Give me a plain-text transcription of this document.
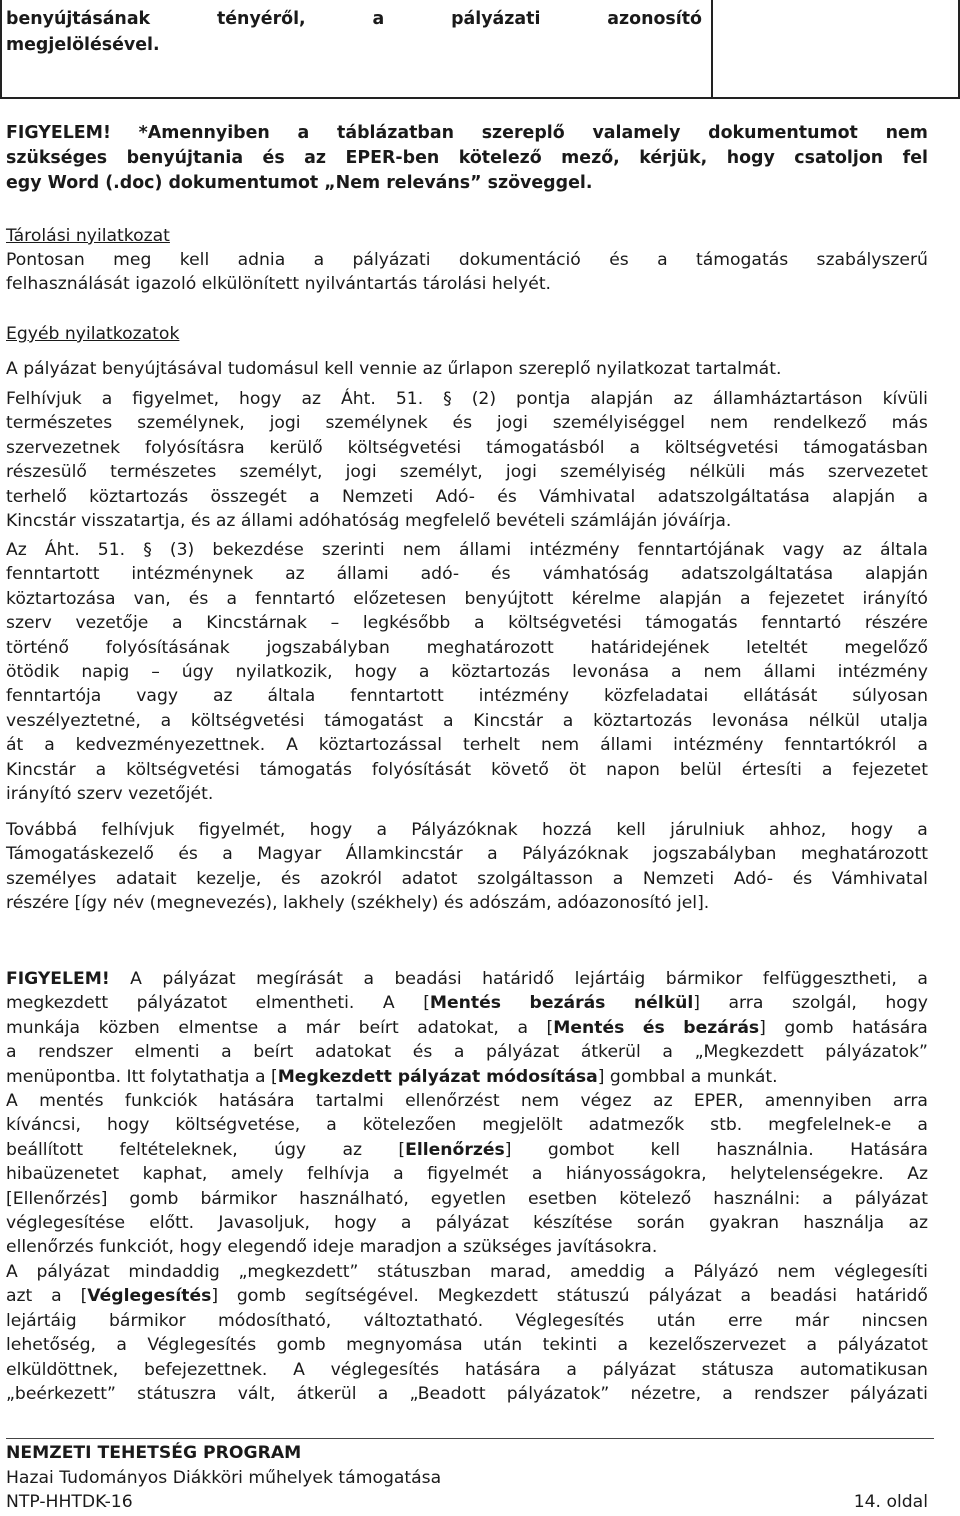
benyújtásának	tényéről,	a	pályázati	azonosító
megjelölésével.
FIGYELEM! *Amennyiben a táblázatban szereplő valamely dokumentumot nem
szükséges benyújtania és az EPER-ben kötelező mező, kérjük, hogy csatoljon fel
egy Word (.doc) dokumentumot „Nem releváns” szöveggel.
Tárolási nyilatkozat
Pontosan meg kell adnia a pályázati dokumentáció és a támogatás szabályszerű
felhasználását igazoló elkülönített nyilvántartás tárolási helyét.
Egyéb nyilatkozatok
A pályázat benyújtásával tudomásul kell vennie az űrlapon szereplő nyilatkozat tartalmát.
Felhívjuk a figyelmet, hogy az Áht. 51. § (2) pontja alapján az államháztartáson kívüli
természetes személynek, jogi személynek és jogi személyiséggel nem rendelkező más
szervezetnek folyósításra kerülő költségvetési támogatásból a költségvetési támogatásban
részesülő természetes személyt, jogi személyt, jogi személyiség nélküli más szervezetet
terhelő köztartozás összegét a Nemzeti Adó- és Vámhivatal adatszolgáltatása alapján a
Kincstár visszatartja, és az állami adóhatóság megfelelő bevételi számláján jóváírja.
Az Áht. 51. § (3) bekezdése szerinti nem állami intézmény fenntartójának vagy az általa
fenntartott intézménynek az állami adó- és vámhatóság adatszolgáltatása alapján
köztartozása van, és a fenntartó előzetesen benyújtott kérelme alapján a fejezetet irányító
szerv vezetője a Kincstárnak – legkésőbb a költségvetési támogatás fenntartó részére
történő folyósításának jogszabályban meghatározott határidejének leteltét megelőző
ötödik napig – úgy nyilatkozik, hogy a köztartozás levonása a nem állami intézmény
fenntartója vagy az általa fenntartott intézmény közfeladatai ellátását súlyosan
veszélyeztetné, a költségvetési támogatást a Kincstár a köztartozás levonása nélkül utalja
át a kedvezményezettnek. A köztartozással terhelt nem állami intézmény fenntartókról a
Kincstár a költségvetési támogatás folyósítását követő öt napon belül értesíti a fejezetet
irányító szerv vezetőjét.
Továbbá felhívjuk figyelmét, hogy a Pályázóknak hozzá kell járulniuk ahhoz, hogy a
Támogatáskezelő és a Magyar Államkincstár a Pályázóknak jogszabályban meghatározott
személyes adatait kezelje, és azokról adatot szolgáltasson a Nemzeti Adó- és Vámhivatal
részére [így név (megnevezés), lakhely (székhely) és adószám, adóazonosító jel].
FIGYELEM! A pályázat megírását a beadási határidő lejártáig bármikor felfüggesztheti, a
megkezdett pályázatot elmentheti. A [Mentés bezárás nélkül] arra szolgál, hogy
munkája közben elmentse a már beírt adatokat, a [Mentés és bezárás] gomb hatására
a rendszer elmenti a beírt adatokat és a pályázat átkerül a „Megkezdett pályázatok”
menüpontba. Itt folytathatja a [Megkezdett pályázat módosítása] gombbal a munkát.
A mentés funkciók hatására tartalmi ellenőrzést nem végez az EPER, amennyiben arra
kíváncsi, hogy költségvetése, a kötelezően megjelölt adatmezők stb. megfelelnek-e a
beállított feltételeknek, úgy az [Ellenőrzés] gombot kell használnia. Hatására
hibaüzenetet kaphat, amely felhívja a figyelmét a hiányosságokra, helytelenségekre. Az
[Ellenőrzés] gomb bármikor használható, egyetlen esetben kötelező használni: a pályázat
véglegesítése előtt. Javasoljuk, hogy a pályázat készítése során gyakran használja az
ellenőrzés funkciót, hogy elegendő ideje maradjon a szükséges javításokra.
A pályázat mindaddig „megkezdett” státuszban marad, ameddig a Pályázó nem véglegesíti
azt a [Véglegesítés] gomb segítségével. Megkezdett státuszú pályázat a beadási határidő
lejártáig bármikor módosítható, változtatható. Véglegesítés után erre már nincsen
lehetőség, a Véglegesítés gomb megnyomása után tekinti a kezelőszervezet a pályázatot
elküldöttnek, befejezettnek. A véglegesítés hatására a pályázat státusza automatikusan
„beérkezett” státuszra vált, átkerül a „Beadott pályázatok” nézetre, a rendszer pályázati
NEMZETI TEHETSÉG PROGRAM
Hazai Tudományos Diákköri műhelyek támogatása
NTP-HHTDK-16	14. oldal
